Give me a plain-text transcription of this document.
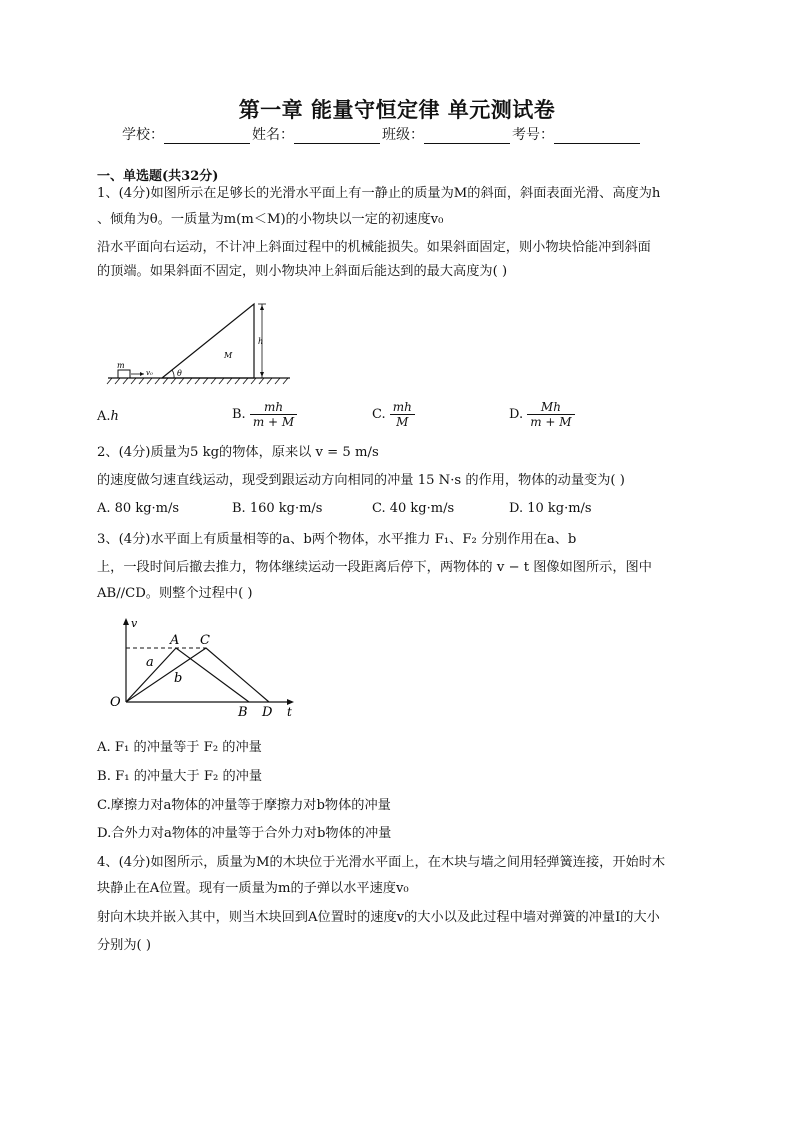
第一章 能量守恒定律 单元测试卷
学校：	姓名：	班级：	考号：
一、单选题(共32分)
1、(4分)如图所示在足够长的光滑水平面上有一静止的质量为M的斜面，斜面表面光滑、高度为h
、倾角为θ。一质量为m(m＜M)的小物块以一定的初速度v₀
沿水平面向右运动，不计冲上斜面过程中的机械能损失。如果斜面固定，则小物块恰能冲到斜面
的顶端。如果斜面不固定，则小物块冲上斜面后能达到的最大高度为( )
m
v₀	θ
M
h
A.h	B. $\frac{mh}{m + M}$	C. $\frac{mh}{M}$	D. $\frac{Mh}{m + M}$
2、(4分)质量为5 kg的物体，原来以 v = 5 m/s
的速度做匀速直线运动，现受到跟运动方向相同的冲量 15 N·s 的作用，物体的动量变为( )
A. 80 kg·m/s	B. 160 kg·m/s	C. 40 kg·m/s	D. 10 kg·m/s
3、(4分)水平面上有质量相等的a、b两个物体，水平推力 F₁、F₂ 分别作用在a、b
上，一段时间后撤去推力，物体继续运动一段距离后停下，两物体的 v − t 图像如图所示，图中
AB//CD。则整个过程中( )
v
t
O
A C
B D
a
b
A. F₁ 的冲量等于 F₂ 的冲量
B. F₁ 的冲量大于 F₂ 的冲量
C.摩擦力对a物体的冲量等于摩擦力对b物体的冲量
D.合外力对a物体的冲量等于合外力对b物体的冲量
4、(4分)如图所示，质量为M的木块位于光滑水平面上，在木块与墙之间用轻弹簧连接，开始时木
块静止在A位置。现有一质量为m的子弹以水平速度v₀
射向木块并嵌入其中，则当木块回到A位置时的速度v的大小以及此过程中墙对弹簧的冲量I的大小
分别为( )
